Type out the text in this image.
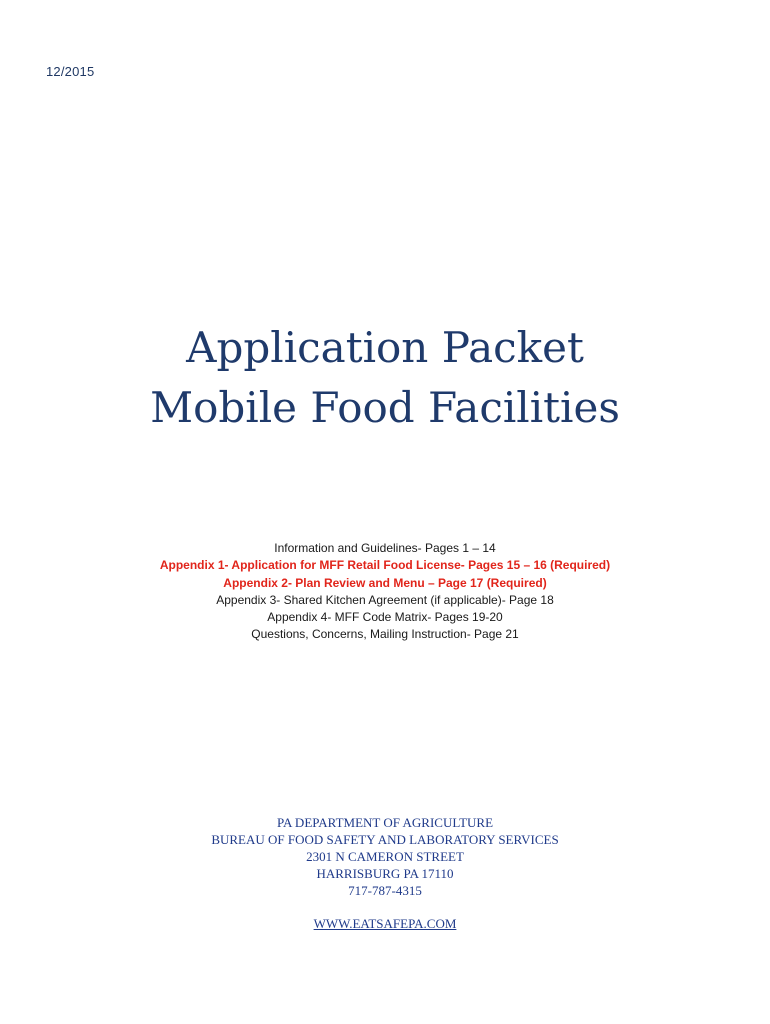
12/2015
Application Packet
Mobile Food Facilities
Information and Guidelines- Pages 1 – 14
Appendix 1- Application for MFF Retail Food License- Pages 15 – 16 (Required)
Appendix 2- Plan Review and Menu – Page 17 (Required)
Appendix 3- Shared Kitchen Agreement (if applicable)- Page 18
Appendix 4- MFF Code Matrix- Pages 19-20
Questions, Concerns, Mailing Instruction- Page 21
PA DEPARTMENT OF AGRICULTURE
BUREAU OF FOOD SAFETY AND LABORATORY SERVICES
2301 N CAMERON STREET
HARRISBURG PA 17110
717-787-4315
WWW.EATSAFEPA.COM
